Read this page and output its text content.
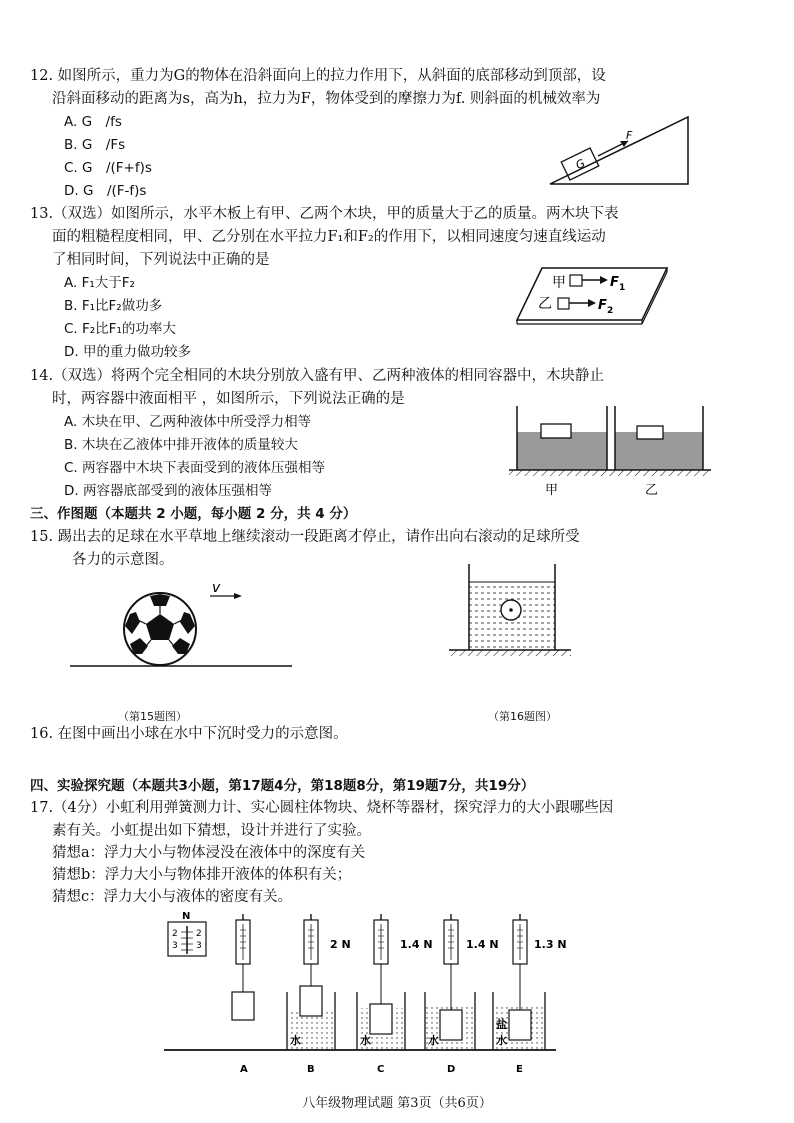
12. 如图所示，重力为G的物体在沿斜面向上的拉力作用下，从斜面的底部移动到顶部，设
沿斜面移动的距离为s，高为h，拉力为F，物体受到的摩擦力为f. 则斜面的机械效率为
A. G　/fs
B. G　/Fs
C. G　/(F+f)s
D. G　/(F-f)s
G
F
13.（双选）如图所示，水平木板上有甲、乙两个木块，甲的质量大于乙的质量。两木块下表
面的粗糙程度相同，甲、乙分别在水平拉力F₁和F₂的作用下，以相同速度匀速直线运动
了相同时间，下列说法中正确的是
A. F₁大于F₂
B. F₁比F₂做功多
C. F₂比F₁的功率大
D. 甲的重力做功较多
甲	F 1
乙	F 2
14.（双选）将两个完全相同的木块分别放入盛有甲、乙两种液体的相同容器中，木块静止
时，两容器中液面相平 ，如图所示，下列说法正确的是
A. 木块在甲、乙两种液体中所受浮力相等
B. 木块在乙液体中排开液体的质量较大
C. 两容器中木块下表面受到的液体压强相等
D. 两容器底部受到的液体压强相等	甲	乙
三、作图题（本题共 2 小题，每小题 2 分，共 4 分）
15. 踢出去的足球在水平草地上继续滚动一段距离才停止，请作出向右滚动的足球所受
各力的示意图。
v
（第15题图）	（第16题图）
16. 在图中画出小球在水中下沉时受力的示意图。
四、实验探究题（本题共3小题，第17题4分，第18题8分，第19题7分，共19分）
17.（4分）小虹利用弹簧测力计、实心圆柱体物块、烧杯等器材，探究浮力的大小跟哪些因
素有关。小虹提出如下猜想，设计并进行了实验。
猜想a：浮力大小与物体浸没在液体中的深度有关
猜想b：浮力大小与物体排开液体的体积有关；
猜想c：浮力大小与液体的密度有关。
N
2
3
2
3	2 N
水
1.4 N
水
1.4 N
水
1.3 N
盐
水
A	B	C	D	E
八年级物理试题 第3页（共6页）
